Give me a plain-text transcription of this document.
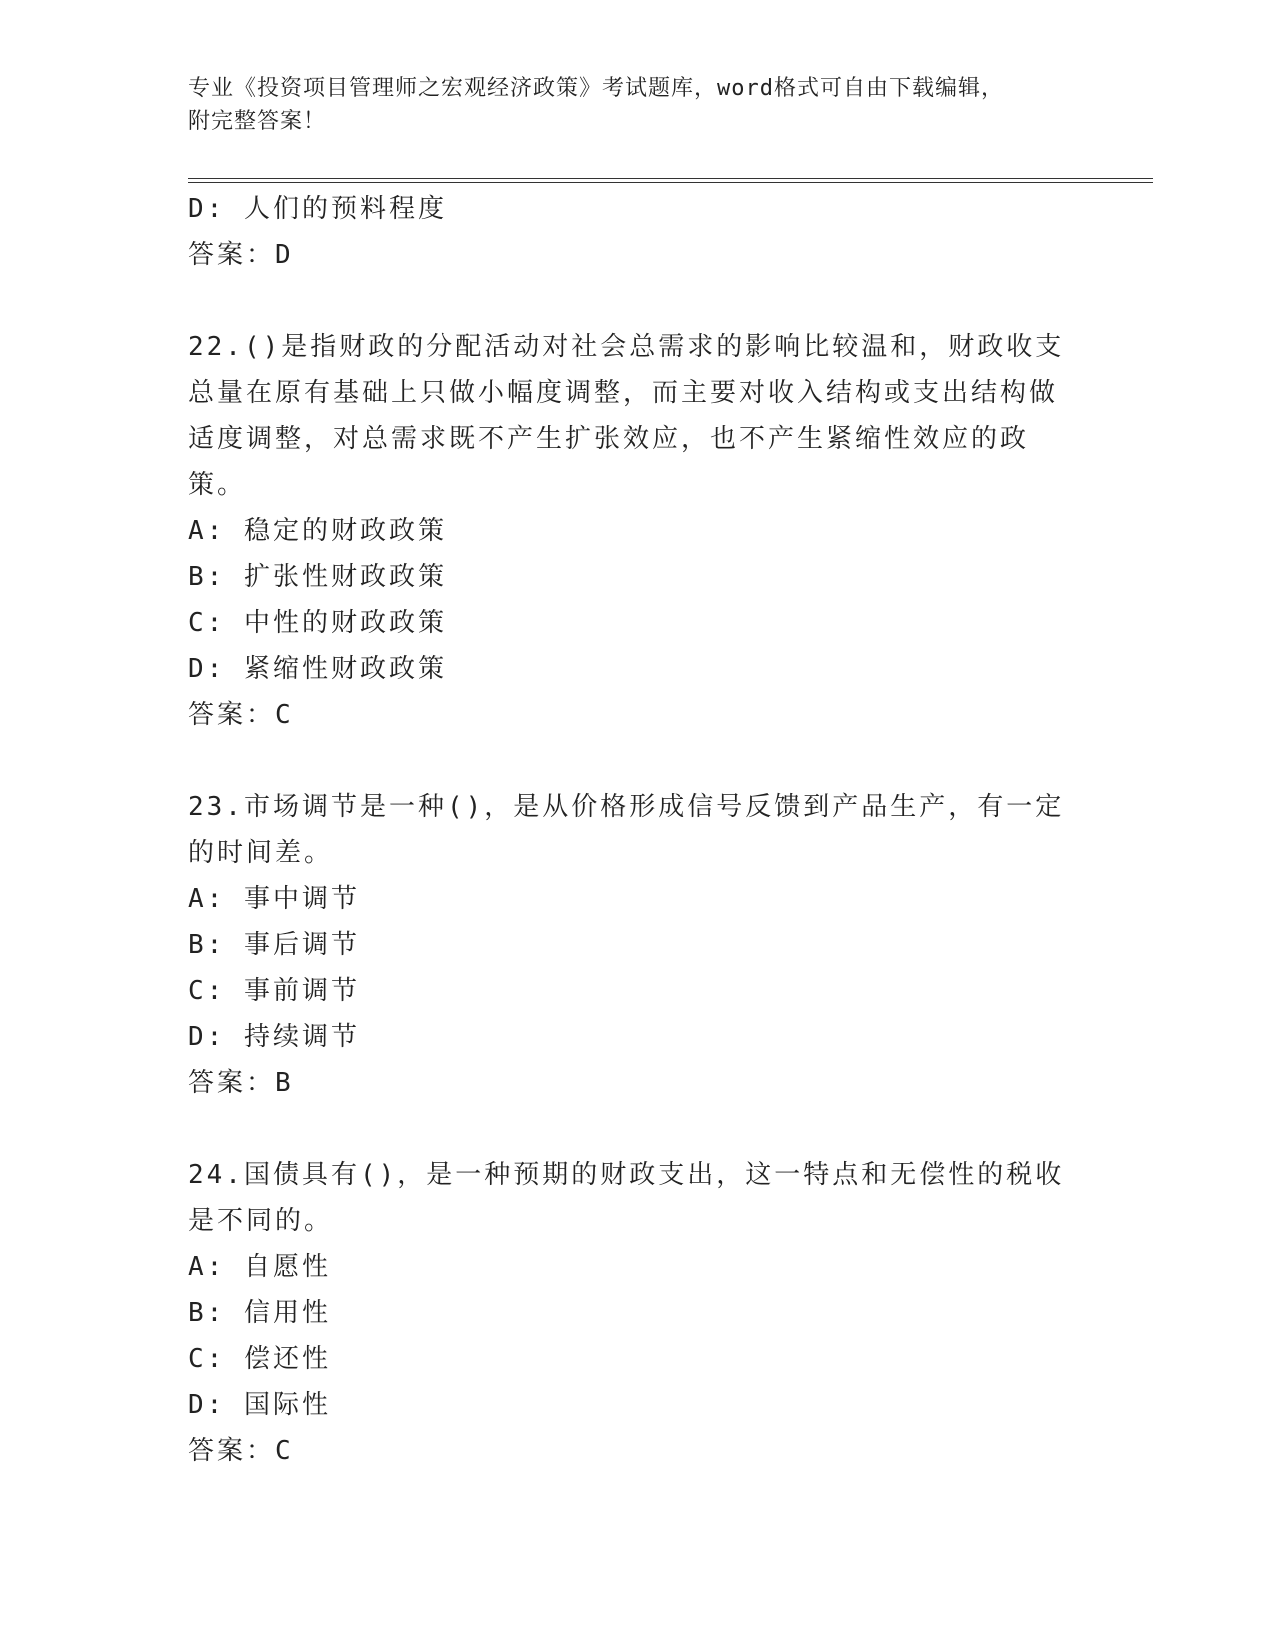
专业《投资项目管理师之宏观经济政策》考试题库，word格式可自由下载编辑，
附完整答案！
D: 人们的预料程度
答案：D
22.()是指财政的分配活动对社会总需求的影响比较温和，财政收支总量在原有基础上只做小幅度调整，而主要对收入结构或支出结构做适度调整，对总需求既不产生扩张效应，也不产生紧缩性效应的政策。
A: 稳定的财政政策
B: 扩张性财政政策
C: 中性的财政政策
D: 紧缩性财政政策
答案：C
23.市场调节是一种()，是从价格形成信号反馈到产品生产，有一定的时间差。
A: 事中调节
B: 事后调节
C: 事前调节
D: 持续调节
答案：B
24.国债具有()，是一种预期的财政支出，这一特点和无偿性的税收是不同的。
A: 自愿性
B: 信用性
C: 偿还性
D: 国际性
答案：C
